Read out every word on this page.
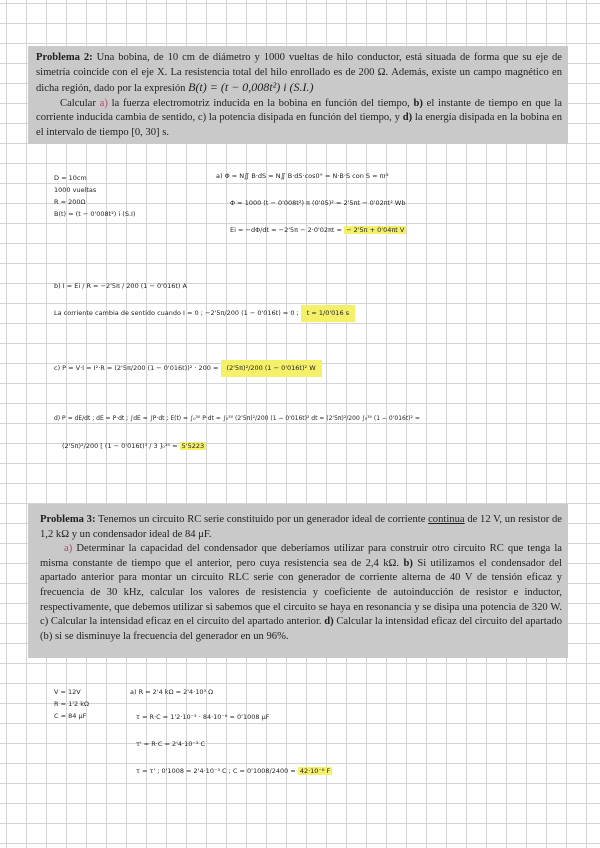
Problema 2: Una bobina, de 10 cm de diámetro y 1000 vueltas de hilo conductor, está situada de forma que su eje de simetría coincide con el eje X. La resistencia total del hilo enrollado es de 200 Ω. Además, existe un campo magnético en dicha región, dado por la expresión B(t) = (t − 0,008t²) i (S.I.)

Calcular a) la fuerza electromotriz inducida en la bobina en función del tiempo, b) el instante de tiempo en que la corriente inducida cambia de sentido, c) la potencia disipada en función del tiempo, y d) la energía disipada en la bobina en el intervalo de tiempo [0, 30] s.

D = 10cm
1000 vueltas
R = 200Ω
B(t) = (t − 0'008t²) i (S.I)
a) Φ = N∬ B·dS = N∬ B·dS·cos0° = N·B·S con S = πr²
Φ = 1000 (t − 0'008t²) π (0'05)² = 2'5πt − 0'02πt² Wb
Ei = −dΦ/dt = −2'5π − 2·0'02πt = − 2'5π + 0'04πt V
b) I = Ei / R = −2'5π / 200 (1 − 0'016t) A
La corriente cambia de sentido cuando I = 0 ; −2'5π/200 (1 − 0'016t) = 0 ; t = 1/0'016 s
c) P = V·I = I²·R = (2'5π/200 (1 − 0'016t))² · 200 = (2'5π)²/200 (1 − 0'016t)² W
d) P = dE/dt ; dE = P·dt ; ∫dE = ∫P·dt ; E(t) = ∫₀³⁰ P·dt = ∫₀³⁰ (2'5π)²/200 (1 − 0'016t)² dt = (2'5π)²/200 ∫₀³⁰ (1 − 0'016t)² =
(2'5π)²/200 [ (1 − 0'016t)³ / 3 ]₀³⁰ = 5'5223

Problema 3: Tenemos un circuito RC serie constituido por un generador ideal de corriente continua de 12 V, un resistor de 1,2 kΩ y un condensador ideal de 84 μF.

a) Determinar la capacidad del condensador que deberíamos utilizar para construir otro circuito RC que tenga la misma constante de tiempo que el anterior, pero cuya resistencia sea de 2,4 kΩ. b) Si utilizamos el condensador del apartado anterior para montar un circuito RLC serie con generador de corriente alterna de 40 V de tensión eficaz y frecuencia de 30 kHz, calcular los valores de resistencia y coeficiente de autoinducción de resistor e inductor, respectivamente, que debemos utilizar si sabemos que el circuito se haya en resonancia y se disipa una potencia de 320 W. c) Calcular la intensidad eficaz en el circuito del apartado anterior. d) Calcular la intensidad eficaz del circuito del apartado (b) si se disminuye la frecuencia del generador en un 96%.

V = 12V
R = 1'2 kΩ
C = 84 μF
a) R = 2'4 kΩ = 2'4·10³ Ω
τ = R·C = 1'2·10⁻³ · 84·10⁻⁶ = 0'1008 μF
τ' = R·C = 2'4·10⁻³ C
τ = τ' ; 0'1008 = 2'4·10⁻³ C ; C = 0'1008/2400 = 42·10⁻⁶ F
